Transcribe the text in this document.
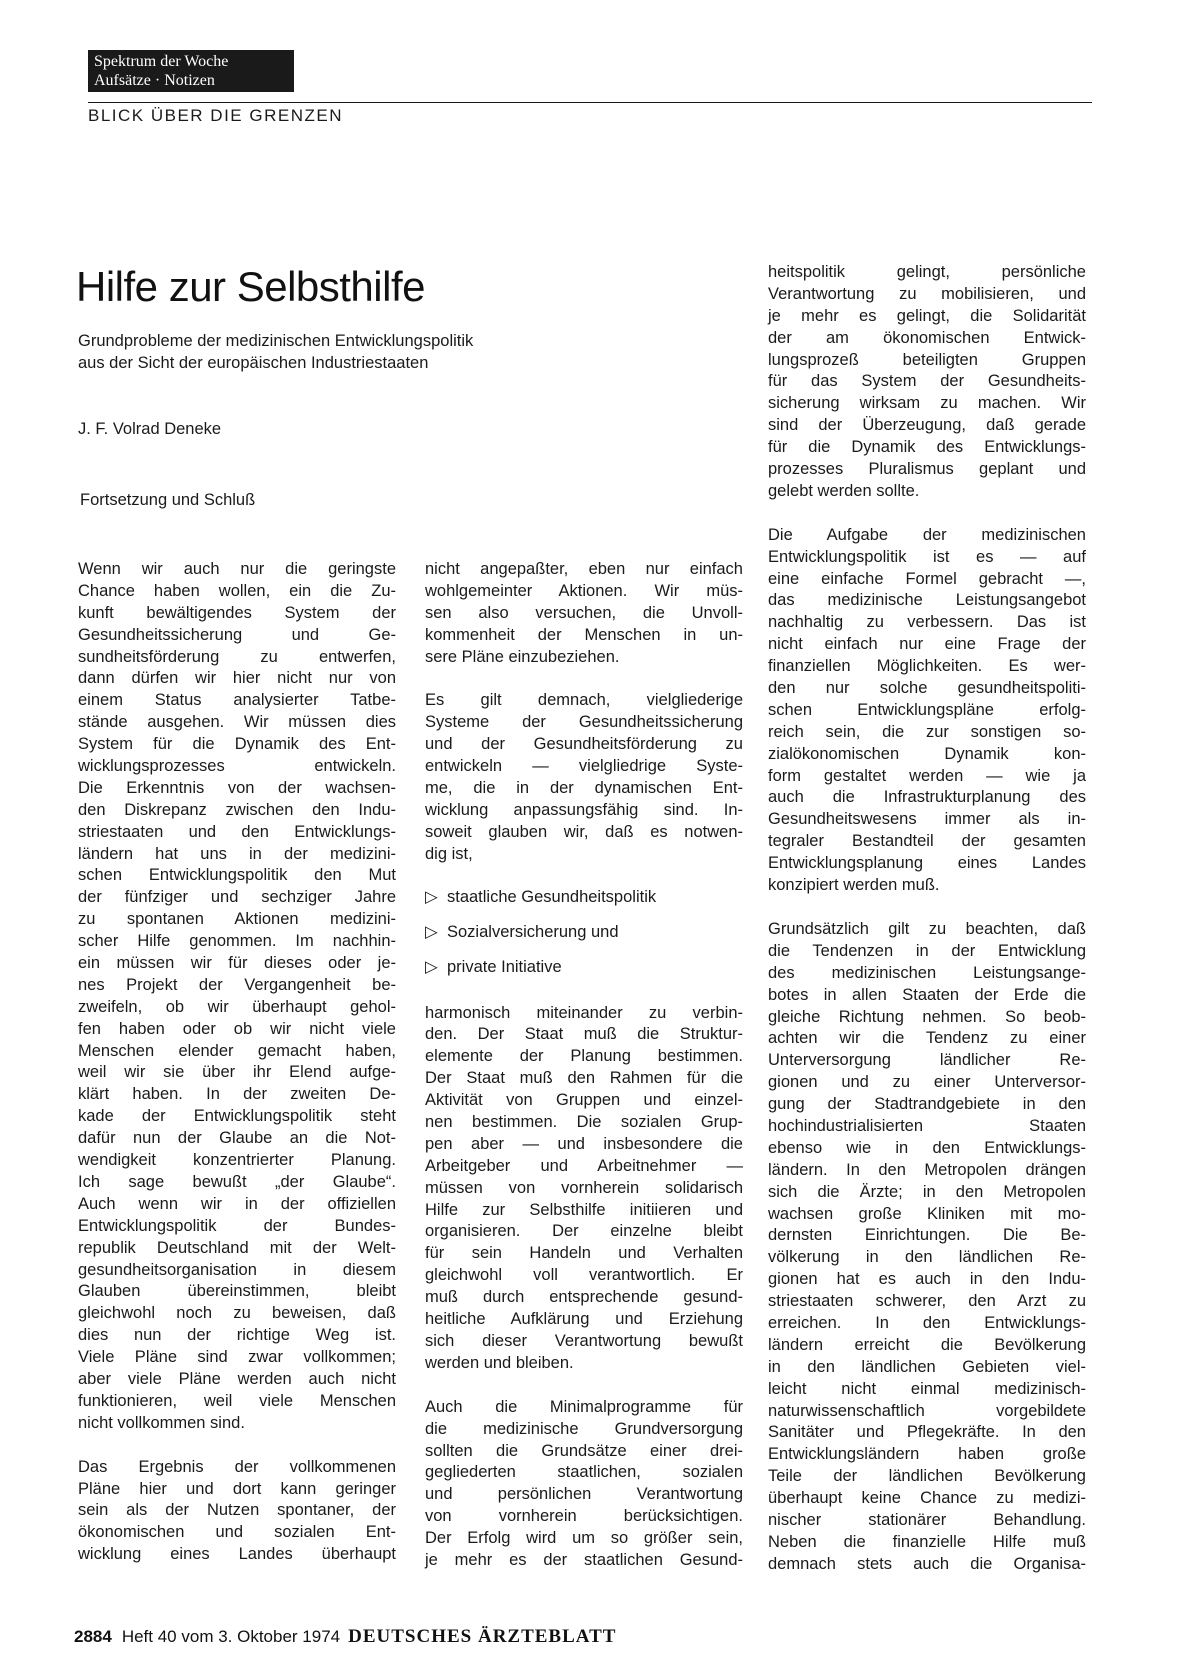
Spektrum der Woche
Aufsätze · Notizen
BLICK ÜBER DIE GRENZEN
Hilfe zur Selbsthilfe
Grundprobleme der medizinischen Entwicklungspolitik
aus der Sicht der europäischen Industriestaaten

J. F. Volrad Deneke

Fortsetzung und Schluß

Wenn wir auch nur die geringste
Chance haben wollen, ein die Zu-
kunft bewältigendes System der
Gesundheitssicherung und Ge-
sundheitsförderung zu entwerfen,
dann dürfen wir hier nicht nur von
einem Status analysierter Tatbe-
stände ausgehen. Wir müssen dies
System für die Dynamik des Ent-
wicklungsprozesses entwickeln.
Die Erkenntnis von der wachsen-
den Diskrepanz zwischen den Indu-
striestaaten und den Entwicklungs-
ländern hat uns in der medizini-
schen Entwicklungspolitik den Mut
der fünfziger und sechziger Jahre
zu spontanen Aktionen medizini-
scher Hilfe genommen. Im nachhin-
ein müssen wir für dieses oder je-
nes Projekt der Vergangenheit be-
zweifeln, ob wir überhaupt gehol-
fen haben oder ob wir nicht viele
Menschen elender gemacht haben,
weil wir sie über ihr Elend aufge-
klärt haben. In der zweiten De-
kade der Entwicklungspolitik steht
dafür nun der Glaube an die Not-
wendigkeit konzentrierter Planung.
Ich sage bewußt „der Glaube“.
Auch wenn wir in der offiziellen
Entwicklungspolitik der Bundes-
republik Deutschland mit der Welt-
gesundheitsorganisation in diesem
Glauben übereinstimmen, bleibt
gleichwohl noch zu beweisen, daß
dies nun der richtige Weg ist.
Viele Pläne sind zwar vollkommen;
aber viele Pläne werden auch nicht
funktionieren, weil viele Menschen
nicht vollkommen sind.

Das Ergebnis der vollkommenen
Pläne hier und dort kann geringer
sein als der Nutzen spontaner, der
ökonomischen und sozialen Ent-
wicklung eines Landes überhaupt

nicht angepaßter, eben nur einfach
wohlgemeinter Aktionen. Wir müs-
sen also versuchen, die Unvoll-
kommenheit der Menschen in un-
sere Pläne einzubeziehen.

Es gilt demnach, vielgliederige
Systeme der Gesundheitssicherung
und der Gesundheitsförderung zu
entwickeln — vielgliedrige Syste-
me, die in der dynamischen Ent-
wicklung anpassungsfähig sind. In-
soweit glauben wir, daß es notwen-
dig ist,

▷ staatliche Gesundheitspolitik
▷ Sozialversicherung und
▷ private Initiative

harmonisch miteinander zu verbin-
den. Der Staat muß die Struktur-
elemente der Planung bestimmen.
Der Staat muß den Rahmen für die
Aktivität von Gruppen und einzel-
nen bestimmen. Die sozialen Grup-
pen aber — und insbesondere die
Arbeitgeber und Arbeitnehmer —
müssen von vornherein solidarisch
Hilfe zur Selbsthilfe initiieren und
organisieren. Der einzelne bleibt
für sein Handeln und Verhalten
gleichwohl voll verantwortlich. Er
muß durch entsprechende gesund-
heitliche Aufklärung und Erziehung
sich dieser Verantwortung bewußt
werden und bleiben.

Auch die Minimalprogramme für
die medizinische Grundversorgung
sollten die Grundsätze einer drei-
gegliederten staatlichen, sozialen
und persönlichen Verantwortung
von vornherein berücksichtigen.
Der Erfolg wird um so größer sein,
je mehr es der staatlichen Gesund-

heitspolitik gelingt, persönliche
Verantwortung zu mobilisieren, und
je mehr es gelingt, die Solidarität
der am ökonomischen Entwick-
lungsprozeß beteiligten Gruppen
für das System der Gesundheits-
sicherung wirksam zu machen. Wir
sind der Überzeugung, daß gerade
für die Dynamik des Entwicklungs-
prozesses Pluralismus geplant und
gelebt werden sollte.

Die Aufgabe der medizinischen
Entwicklungspolitik ist es — auf
eine einfache Formel gebracht —,
das medizinische Leistungsangebot
nachhaltig zu verbessern. Das ist
nicht einfach nur eine Frage der
finanziellen Möglichkeiten. Es wer-
den nur solche gesundheitspoliti-
schen Entwicklungspläne erfolg-
reich sein, die zur sonstigen so-
zialökonomischen Dynamik kon-
form gestaltet werden — wie ja
auch die Infrastrukturplanung des
Gesundheitswesens immer als in-
tegraler Bestandteil der gesamten
Entwicklungsplanung eines Landes
konzipiert werden muß.

Grundsätzlich gilt zu beachten, daß
die Tendenzen in der Entwicklung
des medizinischen Leistungsange-
botes in allen Staaten der Erde die
gleiche Richtung nehmen. So beob-
achten wir die Tendenz zu einer
Unterversorgung ländlicher Re-
gionen und zu einer Unterversor-
gung der Stadtrandgebiete in den
hochindustrialisierten Staaten
ebenso wie in den Entwicklungs-
ländern. In den Metropolen drängen
sich die Ärzte; in den Metropolen
wachsen große Kliniken mit mo-
dernsten Einrichtungen. Die Be-
völkerung in den ländlichen Re-
gionen hat es auch in den Indu-
striestaaten schwerer, den Arzt zu
erreichen. In den Entwicklungs-
ländern erreicht die Bevölkerung
in den ländlichen Gebieten viel-
leicht nicht einmal medizinisch-
naturwissenschaftlich vorgebildete
Sanitäter und Pflegekräfte. In den
Entwicklungsländern haben große
Teile der ländlichen Bevölkerung
überhaupt keine Chance zu medizi-
nischer stationärer Behandlung.
Neben die finanzielle Hilfe muß
demnach stets auch die Organisa-

2884 Heft 40 vom 3. Oktober 1974 DEUTSCHES ÄRZTEBLATT
